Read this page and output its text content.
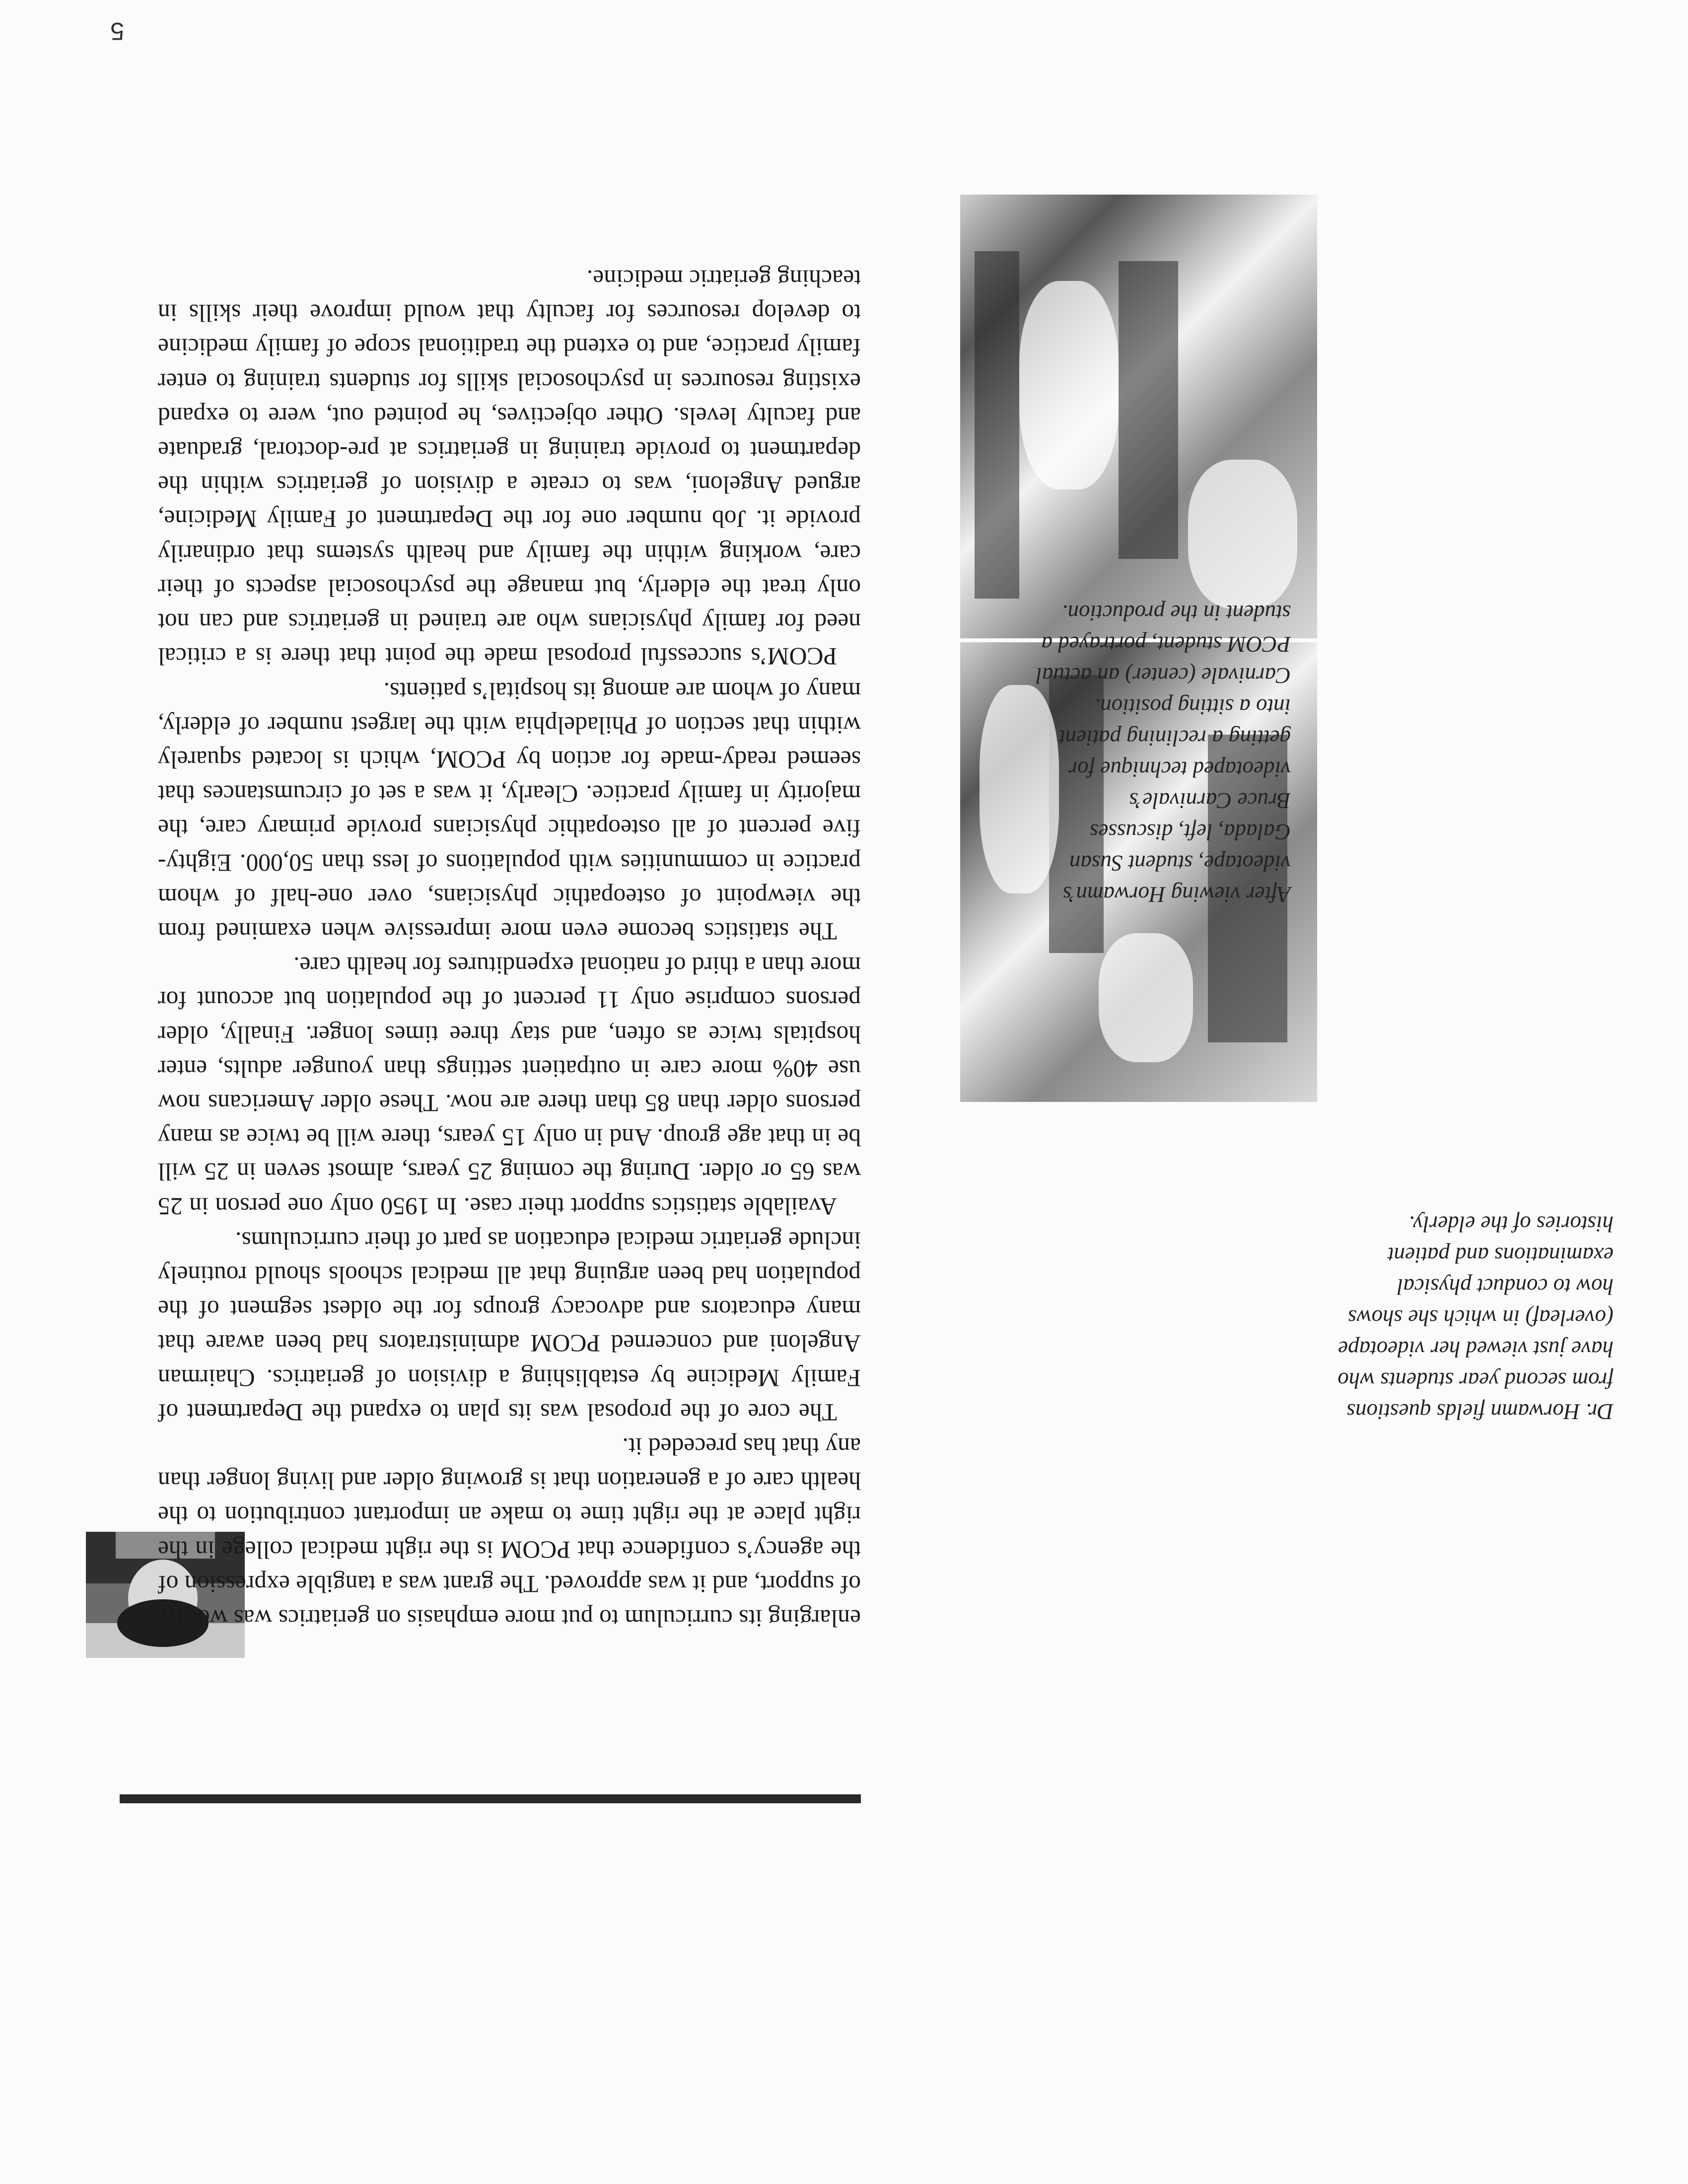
enlarging its curriculum to put more emphasis on geriatrics was worthy of support, and it was approved. The grant was a tangible expression of the agency’s confidence that PCOM is the right medical college in the right place at the right time to make an important contribution to the health care of a generation that is growing older and living longer than any that has preceded it.

The core of the proposal was its plan to expand the Department of Family Medicine by establishing a division of geriatrics. Chairman Angeloni and concerned PCOM administrators had been aware that many educators and advocacy groups for the oldest segment of the population had been arguing that all medical schools should routinely include geriatric medical education as part of their curriculums.

Available statistics support their case. In 1950 only one person in 25 was 65 or older. During the coming 25 years, almost seven in 25 will be in that age group. And in only 15 years, there will be twice as many persons older than 85 than there are now. These older Americans now use 40% more care in outpatient settings than younger adults, enter hospitals twice as often, and stay three times longer. Finally, older persons comprise only 11 percent of the population but account for more than a third of national expenditures for health care.

The statistics become even more impressive when examined from the viewpoint of osteopathic physicians, over one-half of whom practice in communities with populations of less than 50,000. Eighty-five percent of all osteopathic physicians provide primary care, the majority in family practice. Clearly, it was a set of circumstances that seemed ready-made for action by PCOM, which is located squarely within that section of Philadelphia with the largest number of elderly, many of whom are among its hospital’s patients.

PCOM’s successful proposal made the point that there is a critical need for family physicians who are trained in geriatrics and can not only treat the elderly, but manage the psychosocial aspects of their care, working within the family and health systems that ordinarily provide it. Job number one for the Department of Family Medicine, argued Angeloni, was to create a division of geriatrics within the department to provide training in geriatrics at pre-doctoral, graduate and faculty levels. Other objectives, he pointed out, were to expand existing resources in psychosocial skills for students training to enter family practice, and to extend the traditional scope of family medicine to develop resources for faculty that would improve their skills in teaching geriatric medicine.

Dr. Horwamn fields questions from second year students who have just viewed her videotape (overleaf) in which she shows how to conduct physical examinations and patient histories of the elderly.
After viewing Horwamn’s videotape, student Susan Galada, left, discusses Bruce Carnivale’s videotaped technique for getting a reclining patient into a sitting position. Carnivale (center) an actual PCOM student, portrayed a student in the production.
5
